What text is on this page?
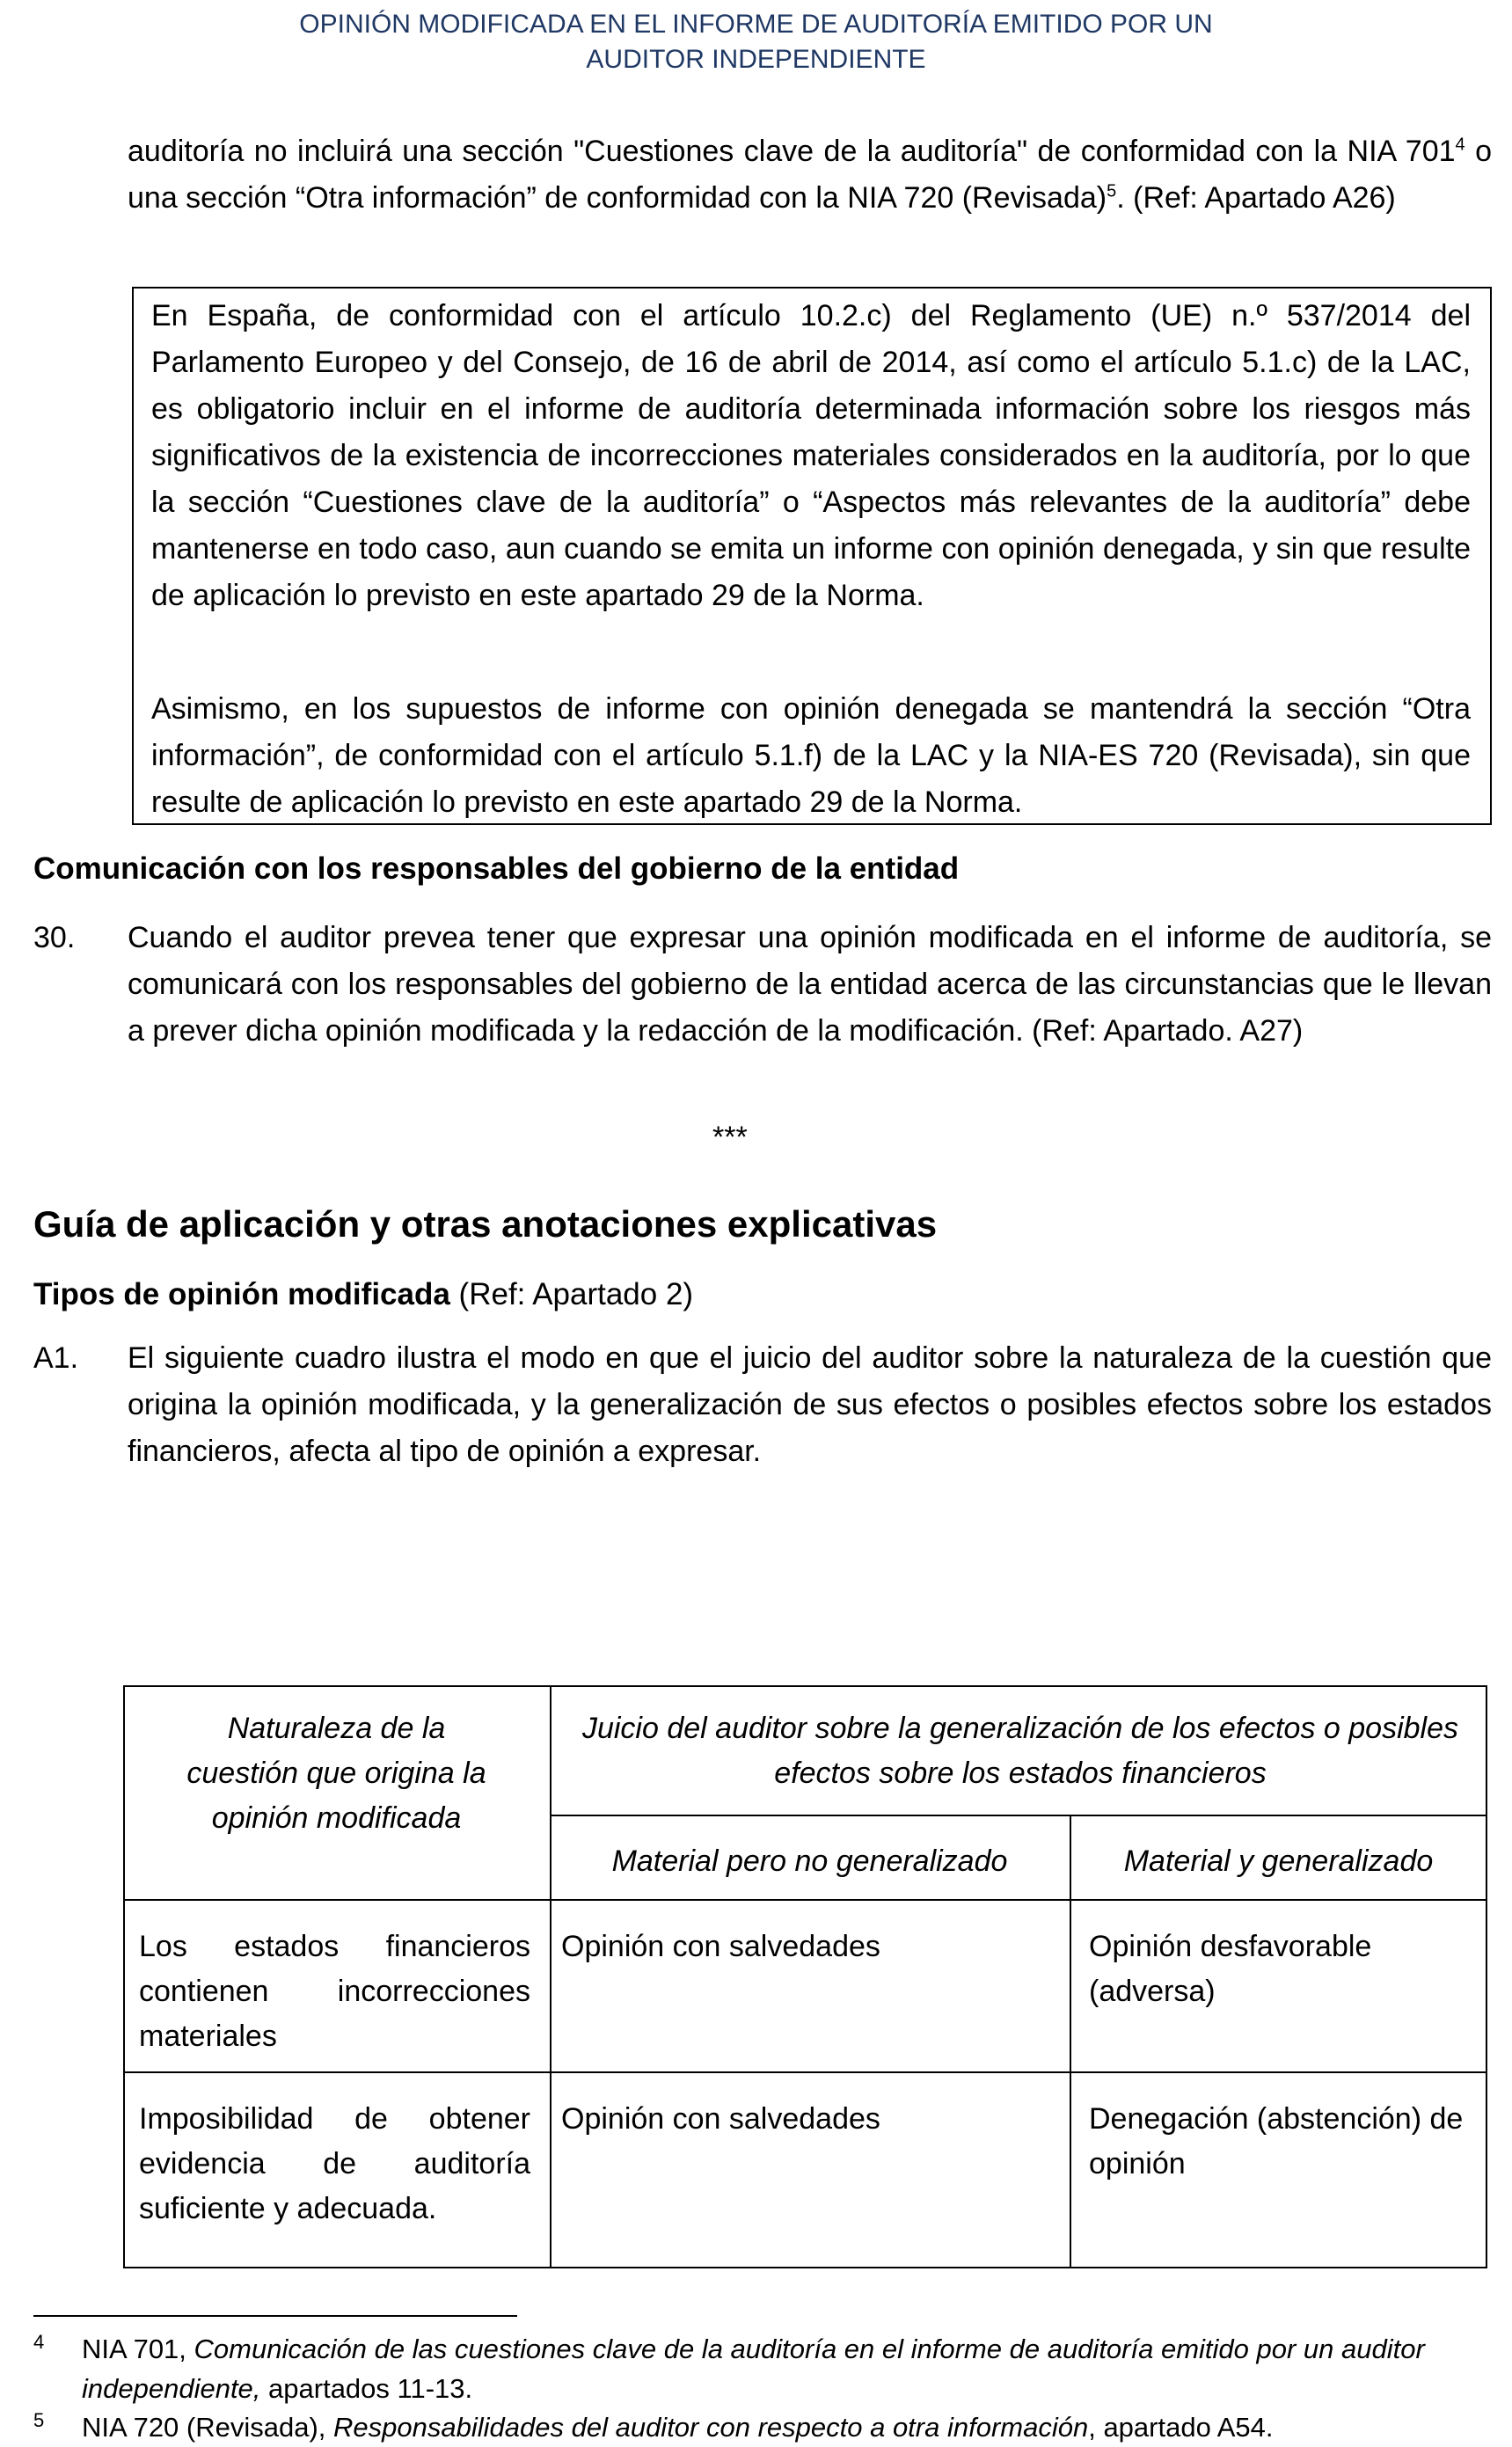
OPINIÓN MODIFICADA EN EL INFORME DE AUDITORÍA EMITIDO POR UN
AUDITOR INDEPENDIENTE
auditoría no incluirá una sección "Cuestiones clave de la auditoría" de conformidad con la NIA $701^4$ o una sección “Otra información” de conformidad con la NIA 720 (Revisada)$^5$. (Ref: Apartado A26)
En España, de conformidad con el artículo 10.2.c) del Reglamento (UE) n.º 537/2014 del Parlamento Europeo y del Consejo, de 16 de abril de 2014, así como el artículo 5.1.c) de la LAC, es obligatorio incluir en el informe de auditoría determinada información sobre los riesgos más significativos de la existencia de incorrecciones materiales considerados en la auditoría, por lo que la sección “Cuestiones clave de la auditoría” o “Aspectos más relevantes de la auditoría” debe mantenerse en todo caso, aun cuando se emita un informe con opinión denegada, y sin que resulte de aplicación lo previsto en este apartado 29 de la Norma.
Asimismo, en los supuestos de informe con opinión denegada se mantendrá la sección “Otra información”, de conformidad con el artículo 5.1.f) de la LAC y la NIA-ES 720 (Revisada), sin que resulte de aplicación lo previsto en este apartado 29 de la Norma.
Comunicación con los responsables del gobierno de la entidad
30. Cuando el auditor prevea tener que expresar una opinión modificada en el informe de auditoría, se comunicará con los responsables del gobierno de la entidad acerca de las circunstancias que le llevan a prever dicha opinión modificada y la redacción de la modificación. (Ref: Apartado. A27)
***
Guía de aplicación y otras anotaciones explicativas
Tipos de opinión modificada (Ref: Apartado 2)
A1. El siguiente cuadro ilustra el modo en que el juicio del auditor sobre la naturaleza de la cuestión que origina la opinión modificada, y la generalización de sus efectos o posibles efectos sobre los estados financieros, afecta al tipo de opinión a expresar.
Naturaleza de la cuestión que origina la opinión modificada
Juicio del auditor sobre la generalización de los efectos o posibles efectos sobre los estados financieros
Material pero no generalizado	Material y generalizado
Los estados financieros contienen incorrecciones materiales
Opinión con salvedades	Opinión desfavorable (adversa)
Imposibilidad de obtener evidencia de auditoría suficiente y adecuada.
Opinión con salvedades	Denegación (abstención) de opinión
4 NIA 701, Comunicación de las cuestiones clave de la auditoría en el informe de auditoría emitido por un auditor independiente, apartados 11-13.
5 NIA 720 (Revisada), Responsabilidades del auditor con respecto a otra información, apartado A54.
